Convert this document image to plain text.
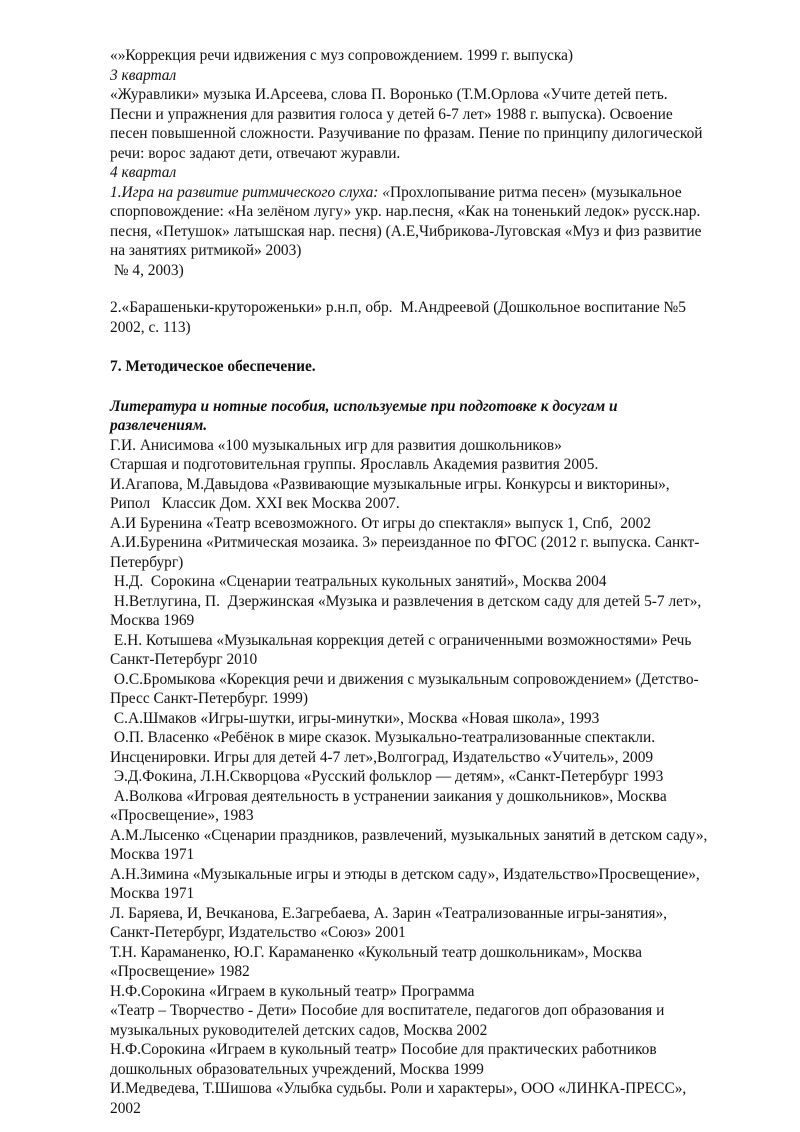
«»Коррекция речи идвижения с муз сопровождением. 1999 г. выпуска)
3 квартал
«Журавлики» музыка И.Арсеева, слова П. Воронько (Т.М.Орлова «Учите детей петь.
Песни и упражнения для развития голоса у детей 6-7 лет» 1988 г. выпуска). Освоение
песен повышенной сложности. Разучивание по фразам. Пение по принципу дилогической
речи: ворос задают дети, отвечают журавли.
4 квартал
1.Игра на развитие ритмического слуха: «Прохлопывание ритма песен» (музыкальное
спорповождение: «На зелёном лугу» укр. нар.песня, «Как на тоненький ледок» русск.нар.
песня, «Петушок» латышская нар. песня) (А.Е,Чибрикова-Луговская «Муз и физ развитие
на занятиях ритмикой» 2003)
№ 4, 2003)
2.«Барашеньки-крутороженьки» р.н.п, обр.  М.Андреевой (Дошкольное воспитание №5
2002, с. 113)
7. Методическое обеспечение.
Литература и нотные пособия, используемые при подготовке к досугам и
развлечениям.
Г.И. Анисимова «100 музыкальных игр для развития дошкольников»
Старшая и подготовительная группы. Ярославль Академия развития 2005.
И.Агапова, М.Давыдова «Развивающие музыкальные игры. Конкурсы и викторины»,
Рипол   Классик Дом. XXI век Москва 2007.
А.И Буренина «Театр всевозможного. От игры до спектакля» выпуск 1, Спб,  2002
А.И.Буренина «Ритмическая мозаика. 3» переизданное по ФГОС (2012 г. выпуска. Санкт-
Петербург)
Н.Д.  Сорокина «Сценарии театральных кукольных занятий», Москва 2004
Н.Ветлугина, П.  Дзержинская «Музыка и развлечения в детском саду для детей 5-7 лет»,
Москва 1969
Е.Н. Котышева «Музыкальная коррекция детей с ограниченными возможностями» Речь
Санкт-Петербург 2010
О.С.Бромыкова «Корекция речи и движения с музыкальным сопровождением» (Детство-
Пресс Санкт-Петербург. 1999)
С.А.Шмаков «Игры-шутки, игры-минутки», Москва «Новая школа», 1993
О.П. Власенко «Ребёнок в мире сказок. Музыкально-театрализованные спектакли.
Инсценировки. Игры для детей 4-7 лет»,Волгоград, Издательство «Учитель», 2009
Э.Д.Фокина, Л.Н.Скворцова «Русский фольклор — детям», «Санкт-Петербург 1993
А.Волкова «Игровая деятельность в устранении заикания у дошкольников», Москва
«Просвещение», 1983
А.М.Лысенко «Сценарии праздников, развлечений, музыкальных занятий в детском саду»,
Москва 1971
А.Н.Зимина «Музыкальные игры и этюды в детском саду», Издательство»Просвещение»,
Москва 1971
Л. Баряева, И, Вечканова, Е.Загребаева, А. Зарин «Театрализованные игры-занятия»,
Санкт-Петербург, Издательство «Союз» 2001
Т.Н. Караманенко, Ю.Г. Караманенко «Кукольный театр дошкольникам», Москва
«Просвещение» 1982
Н.Ф.Сорокина «Играем в кукольный театр» Программа
«Театр – Творчество - Дети» Пособие для воспитателе, педагогов доп образования и
музыкальных руководителей детских садов, Москва 2002
Н.Ф.Сорокина «Играем в кукольный театр» Пособие для практических работников
дошкольных образовательных учреждений, Москва 1999
И.Медведева, Т.Шишова «Улыбка судьбы. Роли и характеры», ООО «ЛИНКА-ПРЕСС»,
2002
